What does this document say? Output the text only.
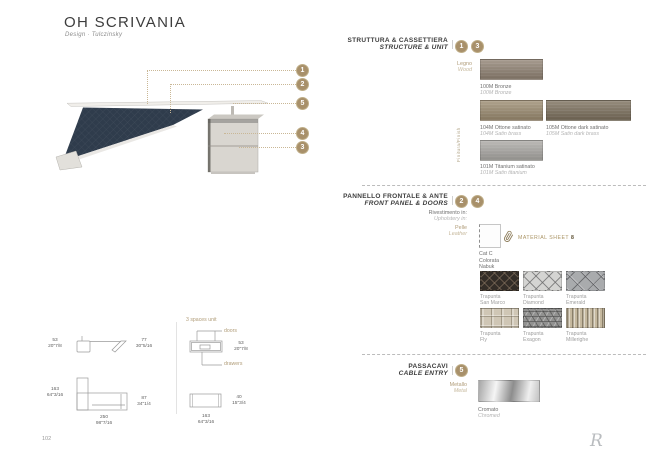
OH SCRIVANIA
Design · Tulczinsky
1
2
5
4
3
STRUTTURA & CASSETTIERA
STRUCTURE & UNIT	1	3
Legno
Wood
Finitura/Finish
100M Bronze
100M Bronze
104M Ottone satinato
104M Satin brass
105M Ottone dark satinato
105M Satin dark brass
101M Titanium satinato
101M Satin titanium
PANNELLO FRONTALE & ANTE
FRONT PANEL & DOORS	2	4
Rivestimento in:
Upholstery in:
Pelle
Leather
MATERIAL SHEET 8
Cat C
Colorata
Nabuk
Trapunta
San Marco
Trapunta
Diamond
Trapunta
Emerald
Trapunta
Fly
Trapunta
Exagon
Trapunta
Millerighe
PASSACAVI
CABLE ENTRY	5
Metallo
Metal
Cromato
Chromed
53
20"7/8
77
30"5/16
163
64"3/16
87
34"1/4
250
98"7/16
3 spaces unit
doors
drawers
53
20"7/8
40
15"3/4
163
64"3/16
102	R
